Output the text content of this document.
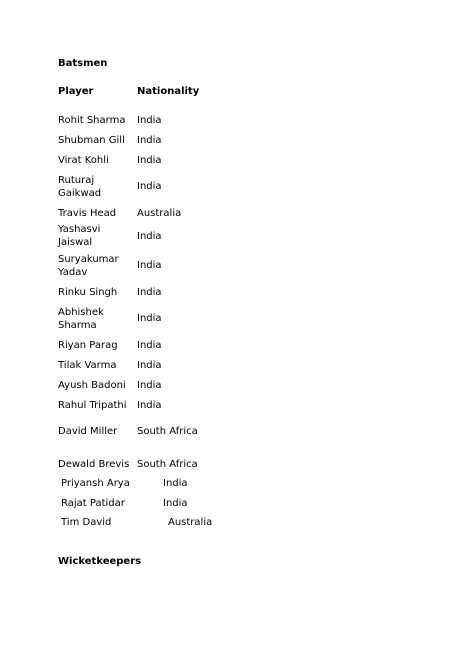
Batsmen
Player	Nationality
Rohit Sharma	India
Shubman Gill	India
Virat Kohli	India
Ruturaj Gaikwad	India
Travis Head	Australia
Yashasvi Jaiswal	India
Suryakumar Yadav	India
Rinku Singh	India
Abhishek Sharma	India
Riyan Parag	India
Tilak Varma	India
Ayush Badoni	India
Rahul Tripathi	India
David Miller	South Africa
Dewald Brevis	South Africa
Priyansh Arya	India
Rajat Patidar	India
Tim David	Australia
Wicketkeepers
